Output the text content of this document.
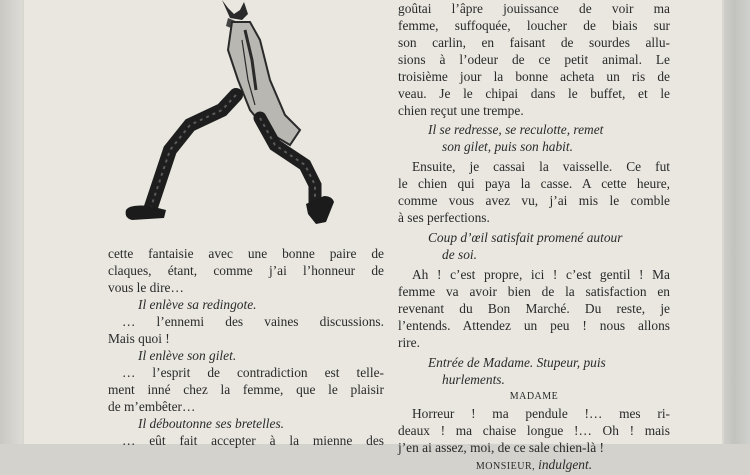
cette fantaisie avec une bonne paire de

claques, étant, comme j’ai l’honneur de

vous le dire…

Il enlève sa redingote.

… l’ennemi des vaines discussions.

Mais quoi !

Il enlève son gilet.

… l’esprit de contradiction est telle-

ment inné chez la femme, que le plaisir

de m’embêter…

Il déboutonne ses bretelles.

… eût fait accepter à la mienne des

goûtai l’âpre jouissance de voir ma

femme, suffoquée, loucher de biais sur

son carlin, en faisant de sourdes allu-

sions à l’odeur de ce petit animal. Le

troisième jour la bonne acheta un ris de

veau. Je le chipai dans le buffet, et le

chien reçut une trempe.

Il se redresse, se reculotte, remet

son gilet, puis son habit.

Ensuite, je cassai la vaisselle. Ce fut

le chien qui paya la casse. A cette heure,

comme vous avez vu, j’ai mis le comble

à ses perfections.

Coup d’œil satisfait promené autour

de soi.

Ah ! c’est propre, ici ! c’est gentil ! Ma

femme va avoir bien de la satisfaction en

revenant du Bon Marché. Du reste, je

l’entends. Attendez un peu ! nous allons

rire.

Entrée de Madame. Stupeur, puis

hurlements.

MADAME

Horreur ! ma pendule !… mes ri-

deaux ! ma chaise longue !… Oh ! mais

j’en ai assez, moi, de ce sale chien-là !

MONSIEUR, indulgent.
